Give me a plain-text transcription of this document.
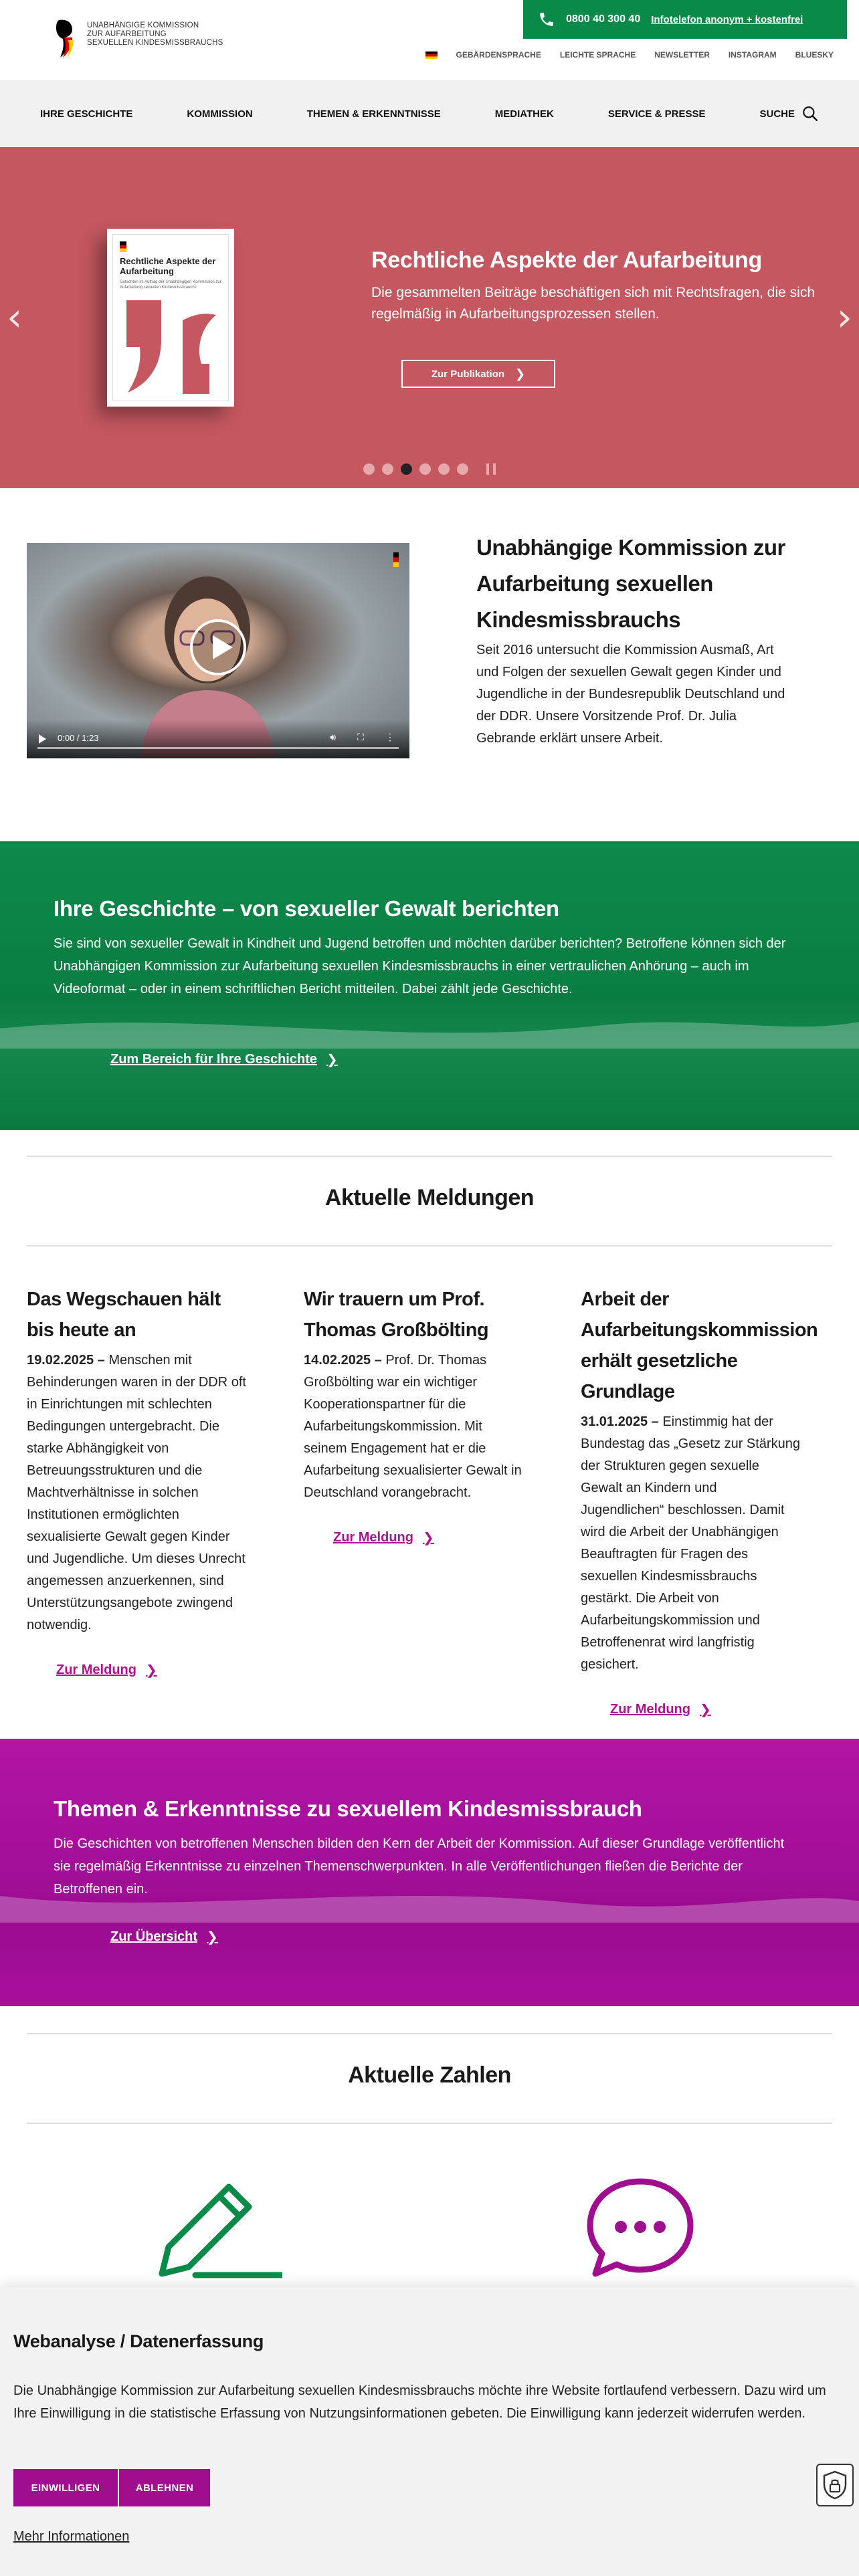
UNABHÄNGIGE KOMMISSION
ZUR AUFARBEITUNG
SEXUELLEN KINDESMISSBRAUCHS
0800 40 300 40 Infotelefon anonym + kostenfrei
GEBÄRDENSPRACHE LEICHTE SPRACHE NEWSLETTER INSTAGRAM BLUESKY
IHRE GESCHICHTE	KOMMISSION	THEMEN & ERKENNTNISSE	MEDIATHEK	SERVICE & PRESSE	SUCHE
‹	›
Rechtliche Aspekte der Aufarbeitung
Gutachten im Auftrag der Unabhängigen Kommission zur Aufarbeitung sexuellen Kindesmissbrauchs
Rechtliche Aspekte der Aufarbeitung

Die gesammelten Beiträge beschäftigen sich mit Rechtsfragen, die sich regelmäßig in Aufarbeitungsprozessen stellen.

Zur Publikation ❯
0:00 / 1:23	🔊︎ ⛶ ⋮
Unabhängige Kommission zur Aufarbeitung sexuellen Kindesmissbrauchs

Seit 2016 untersucht die Kommission Ausmaß, Art und Folgen der sexuellen Gewalt gegen Kinder und Jugendliche in der Bundesrepublik Deutschland und der DDR. Unsere Vorsitzende Prof. Dr. Julia Gebrande erklärt unsere Arbeit.

Ihre Geschichte – von sexueller Gewalt berichten

Sie sind von sexueller Gewalt in Kindheit und Jugend betroffen und möchten darüber berichten? Betroffene können sich der Unabhängigen Kommission zur Aufarbeitung sexuellen Kindesmissbrauchs in einer vertraulichen Anhörung – auch im Videoformat – oder in einem schriftlichen Bericht mitteilen. Dabei zählt jede Geschichte.

Zum Bereich für Ihre Geschichte ❯
Aktuelle Meldungen
Das Wegschauen hält bis heute an

19.02.2025 – Menschen mit Behinderungen waren in der DDR oft in Einrichtungen mit schlechten Bedingungen untergebracht. Die starke Abhängigkeit von Betreuungsstrukturen und die Machtverhältnisse in solchen Institutionen ermöglichten sexualisierte Gewalt gegen Kinder und Jugendliche. Um dieses Unrecht angemessen anzuerkennen, sind Unterstützungsangebote zwingend notwendig.

Zur Meldung ❯
Wir trauern um Prof. Thomas Großbölting

14.02.2025 – Prof. Dr. Thomas Großbölting war ein wichtiger Kooperationspartner für die Aufarbeitungskommission. Mit seinem Engagement hat er die Aufarbeitung sexualisierter Gewalt in Deutschland vorangebracht.

Zur Meldung ❯
Arbeit der Aufarbeitungskommission erhält gesetzliche Grundlage

31.01.2025 – Einstimmig hat der Bundestag das „Gesetz zur Stärkung der Strukturen gegen sexuelle Gewalt an Kindern und Jugendlichen“ beschlossen. Damit wird die Arbeit der Unabhängigen Beauftragten für Fragen des sexuellen Kindesmissbrauchs gestärkt. Die Arbeit von Aufarbeitungskommission und Betroffenenrat wird langfristig gesichert.

Zur Meldung ❯
Themen & Erkenntnisse zu sexuellem Kindesmissbrauch

Die Geschichten von betroffenen Menschen bilden den Kern der Arbeit der Kommission. Auf dieser Grundlage veröffentlicht sie regelmäßig Erkenntnisse zu einzelnen Themenschwerpunkten. In alle Veröffentlichungen fließen die Berichte der Betroffenen ein.

Zur Übersicht ❯
Aktuelle Zahlen
Webanalyse / Datenerfassung

Die Unabhängige Kommission zur Aufarbeitung sexuellen Kindesmissbrauchs möchte ihre Website fortlaufend verbessern. Dazu wird um Ihre Einwilligung in die statistische Erfassung von Nutzungsinformationen gebeten. Die Einwilligung kann jederzeit widerrufen werden.

EINWILLIGEN	ABLEHNEN
Mehr Informationen
